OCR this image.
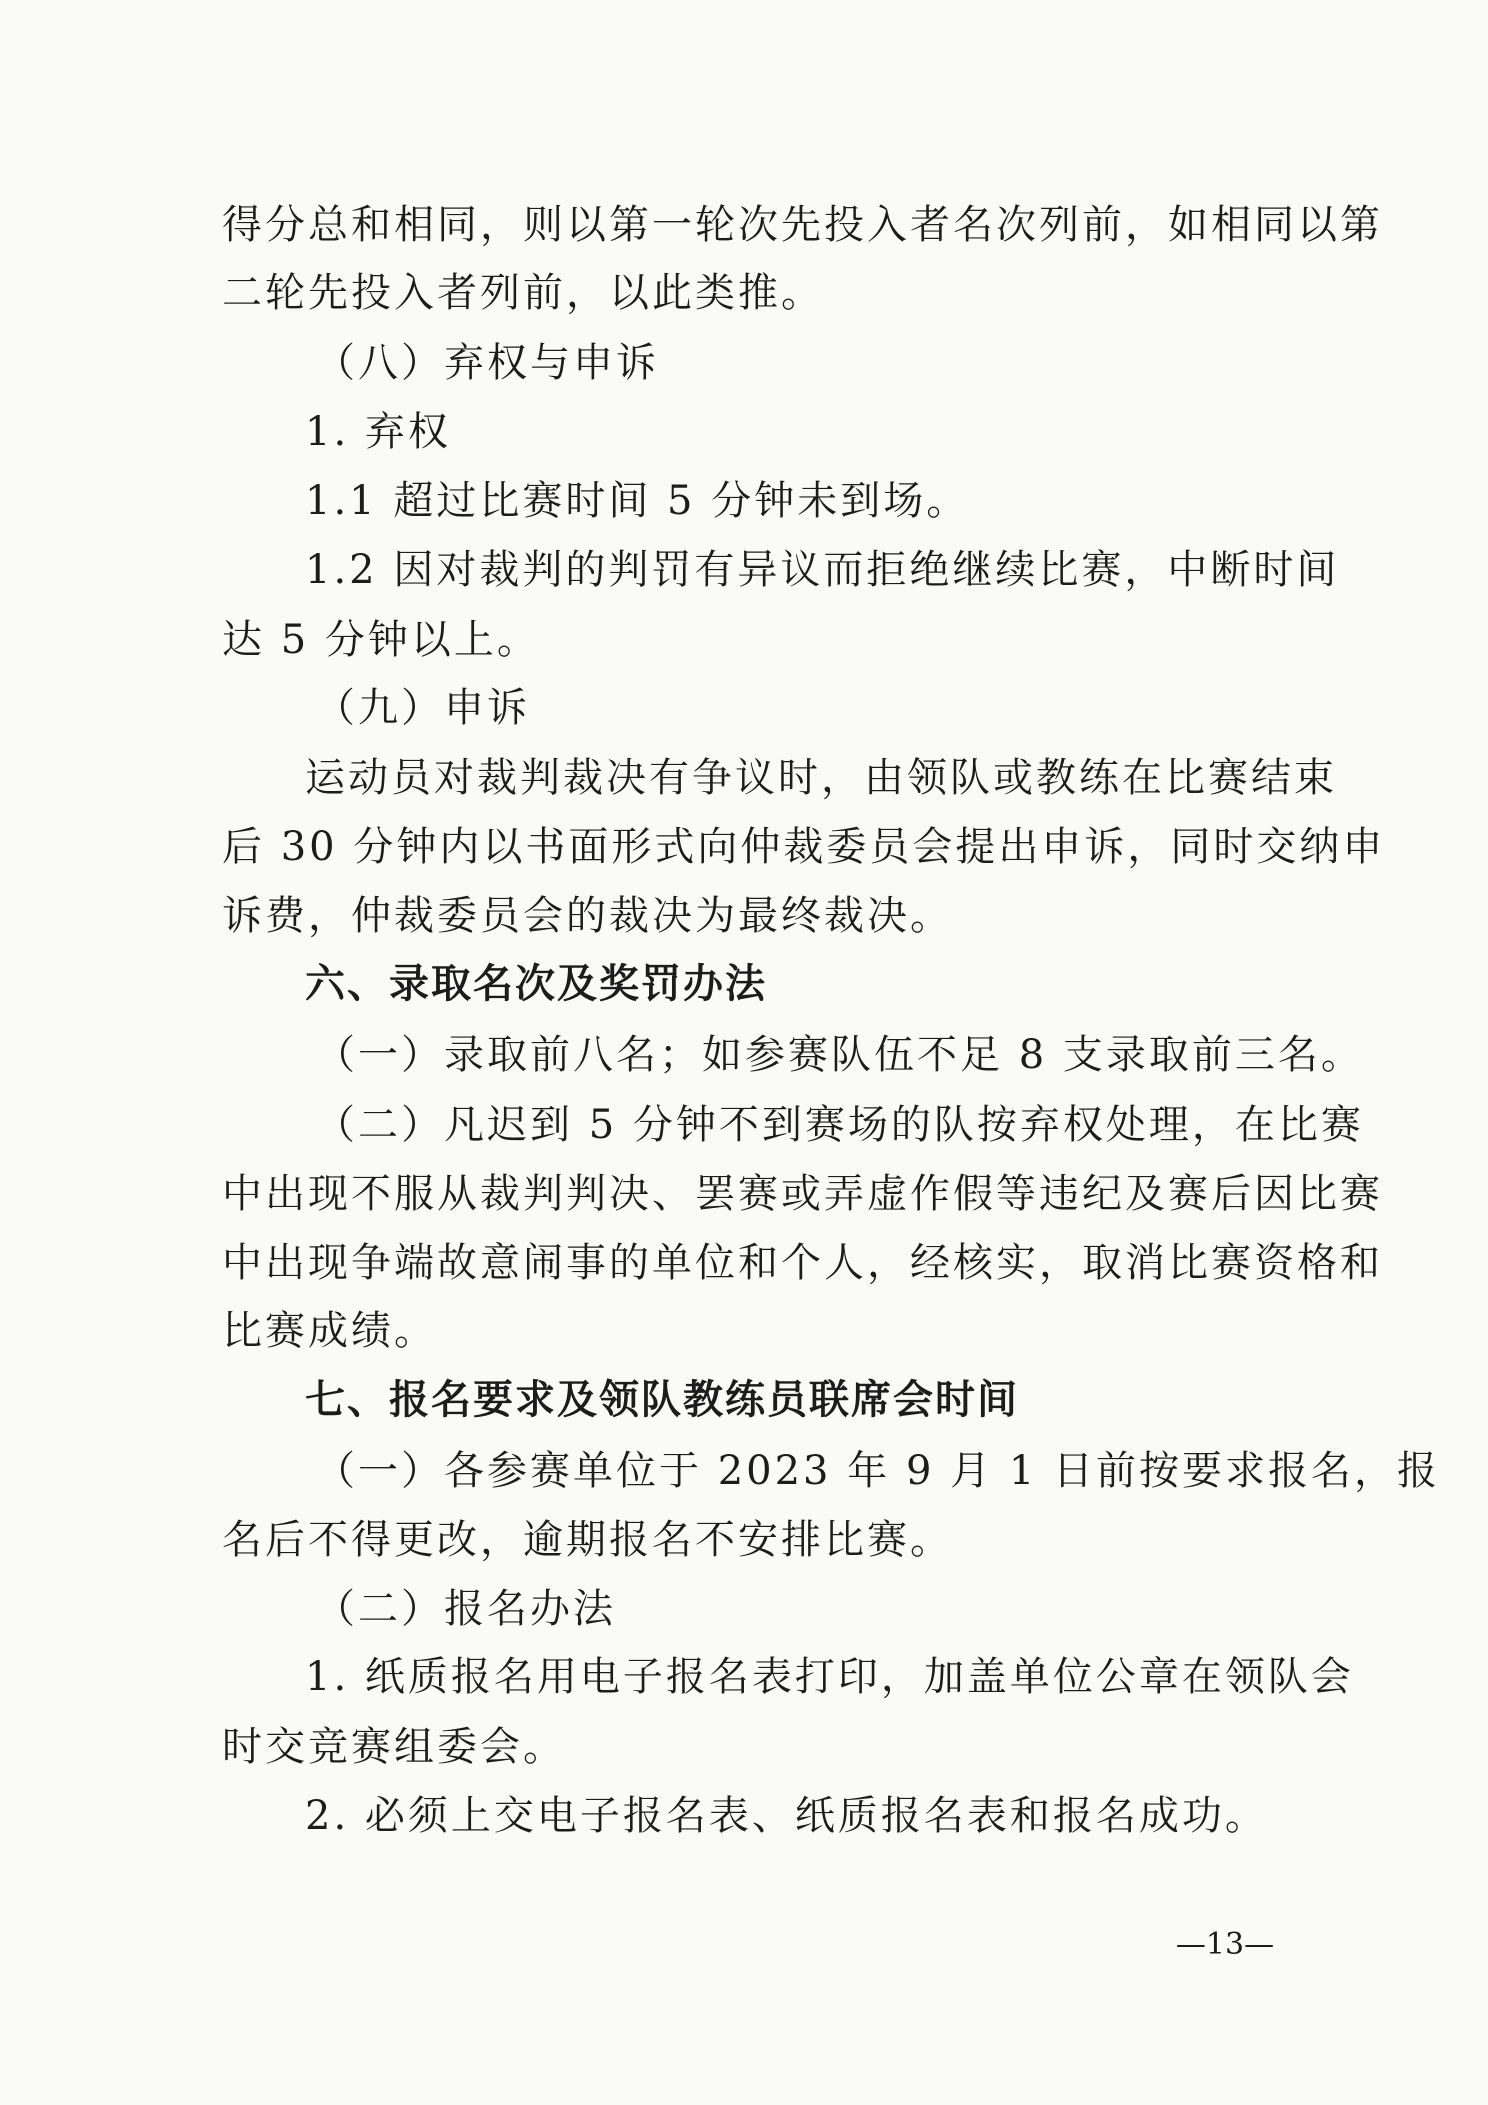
得分总和相同，则以第一轮次先投入者名次列前，如相同以第
二轮先投入者列前，以此类推。
（八）弃权与申诉
1. 弃权
1.1 超过比赛时间 5 分钟未到场。
1.2 因对裁判的判罚有异议而拒绝继续比赛，中断时间
达 5 分钟以上。
（九）申诉
运动员对裁判裁决有争议时，由领队或教练在比赛结束
后 30 分钟内以书面形式向仲裁委员会提出申诉，同时交纳申
诉费，仲裁委员会的裁决为最终裁决。
六、录取名次及奖罚办法
（一）录取前八名；如参赛队伍不足 8 支录取前三名。
（二）凡迟到 5 分钟不到赛场的队按弃权处理，在比赛
中出现不服从裁判判决、罢赛或弄虚作假等违纪及赛后因比赛
中出现争端故意闹事的单位和个人，经核实，取消比赛资格和
比赛成绩。
七、报名要求及领队教练员联席会时间
（一）各参赛单位于 2023 年 9 月 1 日前按要求报名，报
名后不得更改，逾期报名不安排比赛。
（二）报名办法
1. 纸质报名用电子报名表打印，加盖单位公章在领队会
时交竞赛组委会。
2. 必须上交电子报名表、纸质报名表和报名成功。
—13—
